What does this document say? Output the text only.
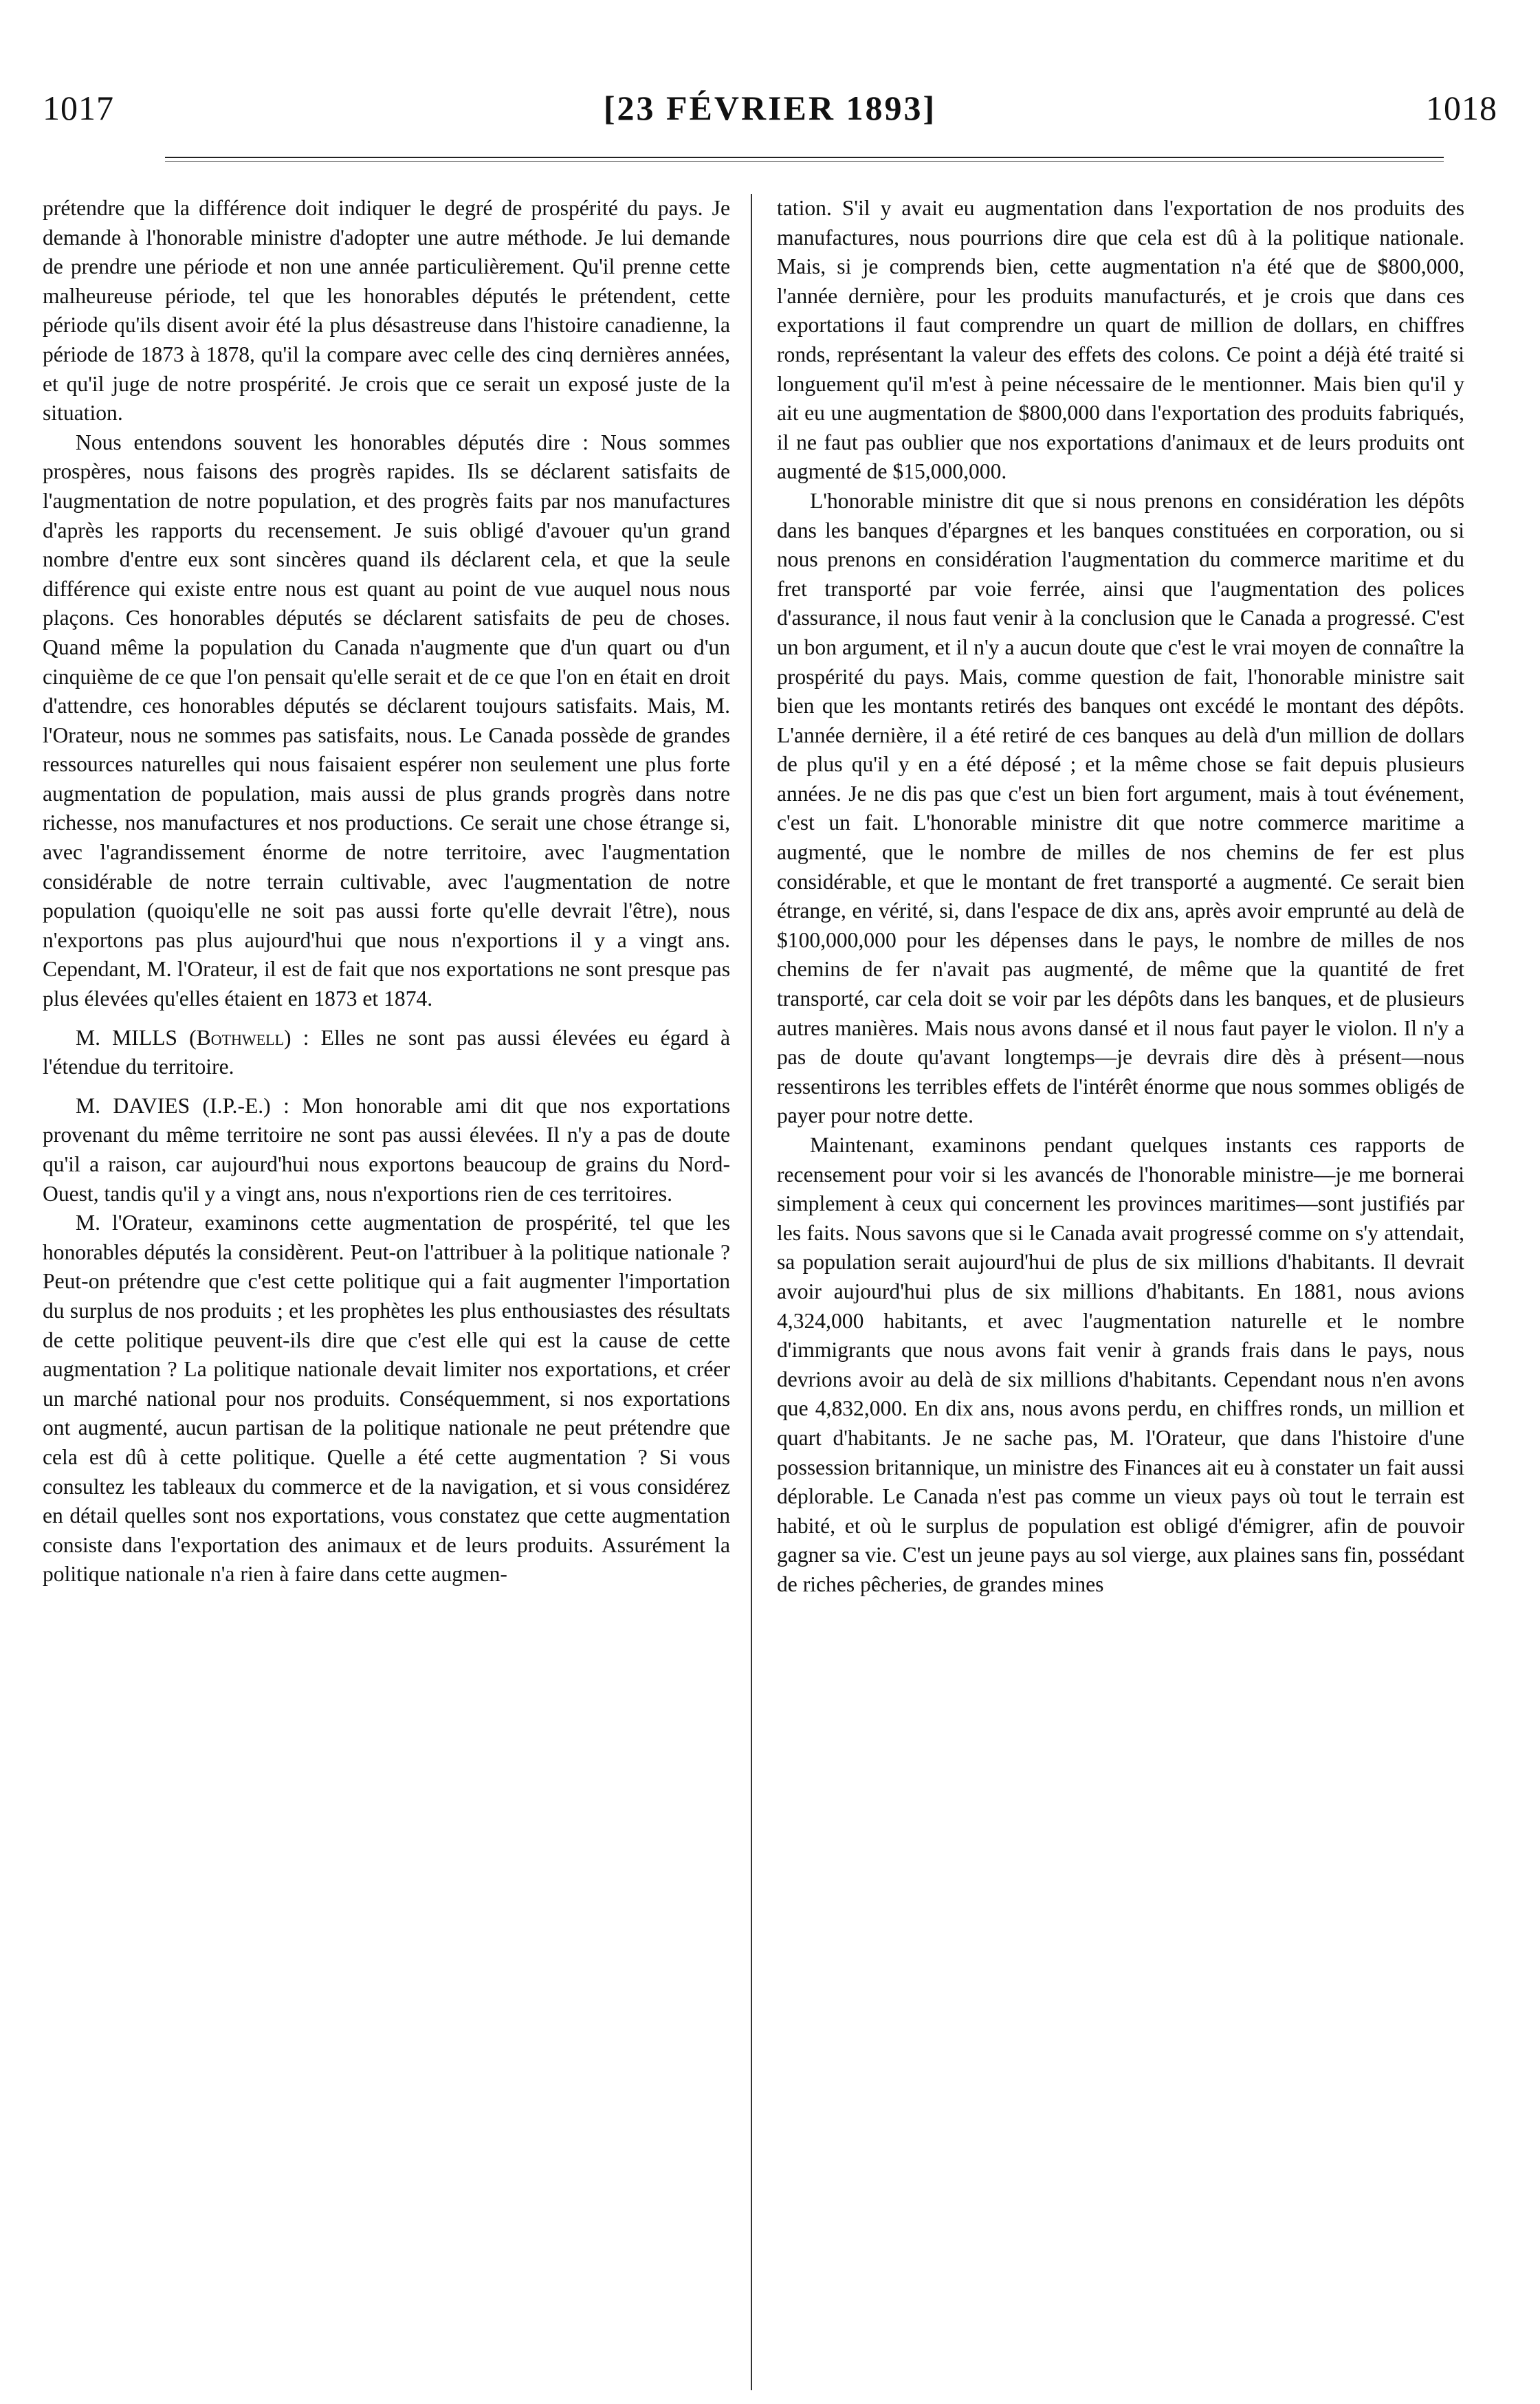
1017	[23 FÉVRIER 1893]	1018

prétendre que la différence doit indiquer le degré de prospérité du pays. Je demande à l'honorable ministre d'adopter une autre méthode. Je lui demande de prendre une période et non une année particulièrement. Qu'il prenne cette malheureuse période, tel que les honorables députés le prétendent, cette période qu'ils disent avoir été la plus désastreuse dans l'histoire canadienne, la période de 1873 à 1878, qu'il la compare avec celle des cinq dernières années, et qu'il juge de notre prospérité. Je crois que ce serait un exposé juste de la situation.

Nous entendons souvent les honorables députés dire : Nous sommes prospères, nous faisons des progrès rapides. Ils se déclarent satisfaits de l'augmentation de notre population, et des progrès faits par nos manufactures d'après les rapports du recensement. Je suis obligé d'avouer qu'un grand nombre d'entre eux sont sincères quand ils déclarent cela, et que la seule différence qui existe entre nous est quant au point de vue auquel nous nous plaçons. Ces honorables députés se déclarent satisfaits de peu de choses. Quand même la population du Canada n'augmente que d'un quart ou d'un cinquième de ce que l'on pensait qu'elle serait et de ce que l'on en était en droit d'attendre, ces honorables députés se déclarent toujours satisfaits. Mais, M. l'Orateur, nous ne sommes pas satisfaits, nous. Le Canada possède de grandes ressources naturelles qui nous faisaient espérer non seulement une plus forte augmentation de population, mais aussi de plus grands progrès dans notre richesse, nos manufactures et nos productions. Ce serait une chose étrange si, avec l'agrandissement énorme de notre territoire, avec l'augmentation considérable de notre terrain cultivable, avec l'augmentation de notre population (quoiqu'elle ne soit pas aussi forte qu'elle devrait l'être), nous n'exportons pas plus aujourd'hui que nous n'exportions il y a vingt ans. Cependant, M. l'Orateur, il est de fait que nos exportations ne sont presque pas plus élevées qu'elles étaient en 1873 et 1874.

M. MILLS (Bothwell) : Elles ne sont pas aussi élevées eu égard à l'étendue du territoire.

M. DAVIES (I.P.-E.) : Mon honorable ami dit que nos exportations provenant du même territoire ne sont pas aussi élevées. Il n'y a pas de doute qu'il a raison, car aujourd'hui nous exportons beaucoup de grains du Nord-Ouest, tandis qu'il y a vingt ans, nous n'exportions rien de ces territoires.

M. l'Orateur, examinons cette augmentation de prospérité, tel que les honorables députés la considèrent. Peut-on l'attribuer à la politique nationale ? Peut-on prétendre que c'est cette politique qui a fait augmenter l'importation du surplus de nos produits ; et les prophètes les plus enthousiastes des résultats de cette politique peuvent-ils dire que c'est elle qui est la cause de cette augmentation ? La politique nationale devait limiter nos exportations, et créer un marché national pour nos produits. Conséquemment, si nos exportations ont augmenté, aucun partisan de la politique nationale ne peut prétendre que cela est dû à cette politique. Quelle a été cette augmentation ? Si vous consultez les tableaux du commerce et de la navigation, et si vous considérez en détail quelles sont nos exportations, vous constatez que cette augmentation consiste dans l'exportation des animaux et de leurs produits. Assurément la politique nationale n'a rien à faire dans cette augmen-

tation. S'il y avait eu augmentation dans l'exportation de nos produits des manufactures, nous pourrions dire que cela est dû à la politique nationale. Mais, si je comprends bien, cette augmentation n'a été que de $800,000, l'année dernière, pour les produits manufacturés, et je crois que dans ces exportations il faut comprendre un quart de million de dollars, en chiffres ronds, représentant la valeur des effets des colons. Ce point a déjà été traité si longuement qu'il m'est à peine nécessaire de le mentionner. Mais bien qu'il y ait eu une augmentation de $800,000 dans l'exportation des produits fabriqués, il ne faut pas oublier que nos exportations d'animaux et de leurs produits ont augmenté de $15,000,000.

L'honorable ministre dit que si nous prenons en considération les dépôts dans les banques d'épargnes et les banques constituées en corporation, ou si nous prenons en considération l'augmentation du commerce maritime et du fret transporté par voie ferrée, ainsi que l'augmentation des polices d'assurance, il nous faut venir à la conclusion que le Canada a progressé. C'est un bon argument, et il n'y a aucun doute que c'est le vrai moyen de connaître la prospérité du pays. Mais, comme question de fait, l'honorable ministre sait bien que les montants retirés des banques ont excédé le montant des dépôts. L'année dernière, il a été retiré de ces banques au delà d'un million de dollars de plus qu'il y en a été déposé ; et la même chose se fait depuis plusieurs années. Je ne dis pas que c'est un bien fort argument, mais à tout événement, c'est un fait. L'honorable ministre dit que notre commerce maritime a augmenté, que le nombre de milles de nos chemins de fer est plus considérable, et que le montant de fret transporté a augmenté. Ce serait bien étrange, en vérité, si, dans l'espace de dix ans, après avoir emprunté au delà de $100,000,000 pour les dépenses dans le pays, le nombre de milles de nos chemins de fer n'avait pas augmenté, de même que la quantité de fret transporté, car cela doit se voir par les dépôts dans les banques, et de plusieurs autres manières. Mais nous avons dansé et il nous faut payer le violon. Il n'y a pas de doute qu'avant longtemps—je devrais dire dès à présent—nous ressentirons les terribles effets de l'intérêt énorme que nous sommes obligés de payer pour notre dette.

Maintenant, examinons pendant quelques instants ces rapports de recensement pour voir si les avancés de l'honorable ministre—je me bornerai simplement à ceux qui concernent les provinces maritimes—sont justifiés par les faits. Nous savons que si le Canada avait progressé comme on s'y attendait, sa population serait aujourd'hui de plus de six millions d'habitants. Il devrait avoir aujourd'hui plus de six millions d'habitants. En 1881, nous avions 4,324,000 habitants, et avec l'augmentation naturelle et le nombre d'immigrants que nous avons fait venir à grands frais dans le pays, nous devrions avoir au delà de six millions d'habitants. Cependant nous n'en avons que 4,832,000. En dix ans, nous avons perdu, en chiffres ronds, un million et quart d'habitants. Je ne sache pas, M. l'Orateur, que dans l'histoire d'une possession britannique, un ministre des Finances ait eu à constater un fait aussi déplorable. Le Canada n'est pas comme un vieux pays où tout le terrain est habité, et où le surplus de population est obligé d'émigrer, afin de pouvoir gagner sa vie. C'est un jeune pays au sol vierge, aux plaines sans fin, possédant de riches pêcheries, de grandes mines
